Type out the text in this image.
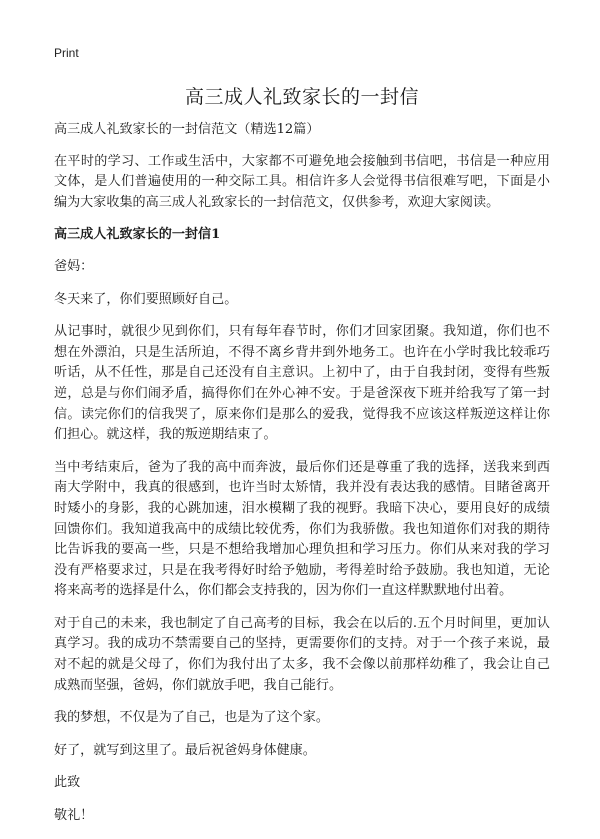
Print
高三成人礼致家长的一封信

高三成人礼致家长的一封信范文（精选12篇）

在平时的学习、工作或生活中，大家都不可避免地会接触到书信吧，书信是一种应用文体，是人们普遍使用的一种交际工具。相信许多人会觉得书信很难写吧，下面是小编为大家收集的高三成人礼致家长的一封信范文，仅供参考，欢迎大家阅读。

高三成人礼致家长的一封信1

爸妈：

冬天来了，你们要照顾好自己。

从记事时，就很少见到你们，只有每年春节时，你们才回家团聚。我知道，你们也不想在外漂泊，只是生活所迫，不得不离乡背井到外地务工。也许在小学时我比较乖巧听话，从不任性，那是自己还没有自主意识。上初中了，由于自我封闭，变得有些叛逆，总是与你们闹矛盾，搞得你们在外心神不安。于是爸深夜下班并给我写了第一封信。读完你们的信我哭了，原来你们是那么的爱我，觉得我不应该这样叛逆这样让你们担心。就这样，我的叛逆期结束了。

当中考结束后，爸为了我的高中而奔波，最后你们还是尊重了我的选择，送我来到西南大学附中，我真的很感到，也许当时太矫情，我并没有表达我的感情。目睹爸离开时矮小的身影，我的心跳加速，泪水模糊了我的视野。我暗下决心，要用良好的成绩回馈你们。我知道我高中的成绩比较优秀，你们为我骄傲。我也知道你们对我的期待比告诉我的要高一些，只是不想给我增加心理负担和学习压力。你们从来对我的学习没有严格要求过，只是在我考得好时给予勉励，考得差时给予鼓励。我也知道，无论将来高考的选择是什么，你们都会支持我的，因为你们一直这样默默地付出着。

对于自己的未来，我也制定了自己高考的目标，我会在以后的.五个月时间里，更加认真学习。我的成功不禁需要自己的坚持，更需要你们的支持。对于一个孩子来说，最对不起的就是父母了，你们为我付出了太多，我不会像以前那样幼稚了，我会让自己成熟而坚强，爸妈，你们就放手吧，我自己能行。

我的梦想，不仅是为了自己，也是为了这个家。

好了，就写到这里了。最后祝爸妈身体健康。

此致

敬礼！
